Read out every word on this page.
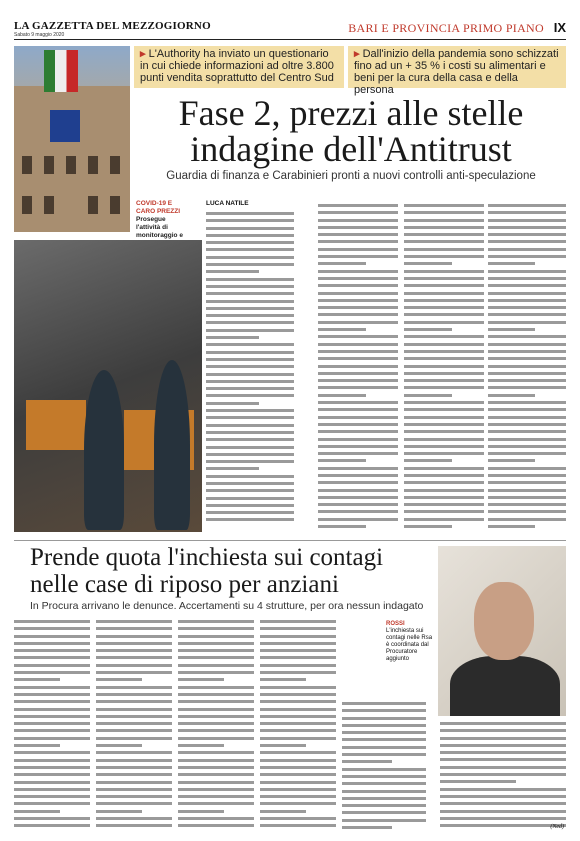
LA GAZZETTA DEL MEZZOGIORNO
Sabato 9 maggio 2020	BARI E PROVINCIA PRIMO PIANO IX
▸ L'Authority ha inviato un questionario in cui chiede informazioni ad oltre 3.800 punti vendita soprattutto del Centro Sud
▸ Dall'inizio della pandemia sono schizzati fino ad un + 35 % i costi su alimentari e beni per la cura della casa e della persona
Fase 2, prezzi alle stelle indagine dell'Antitrust
Guardia di finanza e Carabinieri pronti a nuovi controlli anti-speculazione
COVID-19 E CARO PREZZI
Prosegue l'attività di monitoraggio e
LUCA NATILE
Prende quota l'inchiesta sui contagi nelle case di riposo per anziani
In Procura arrivano le denunce. Accertamenti su 4 strutture, per ora nessun indagato
ROSSI
L'inchiesta sui contagi nelle Rsa è coordinata dal Procuratore aggiunto
(Ned)
